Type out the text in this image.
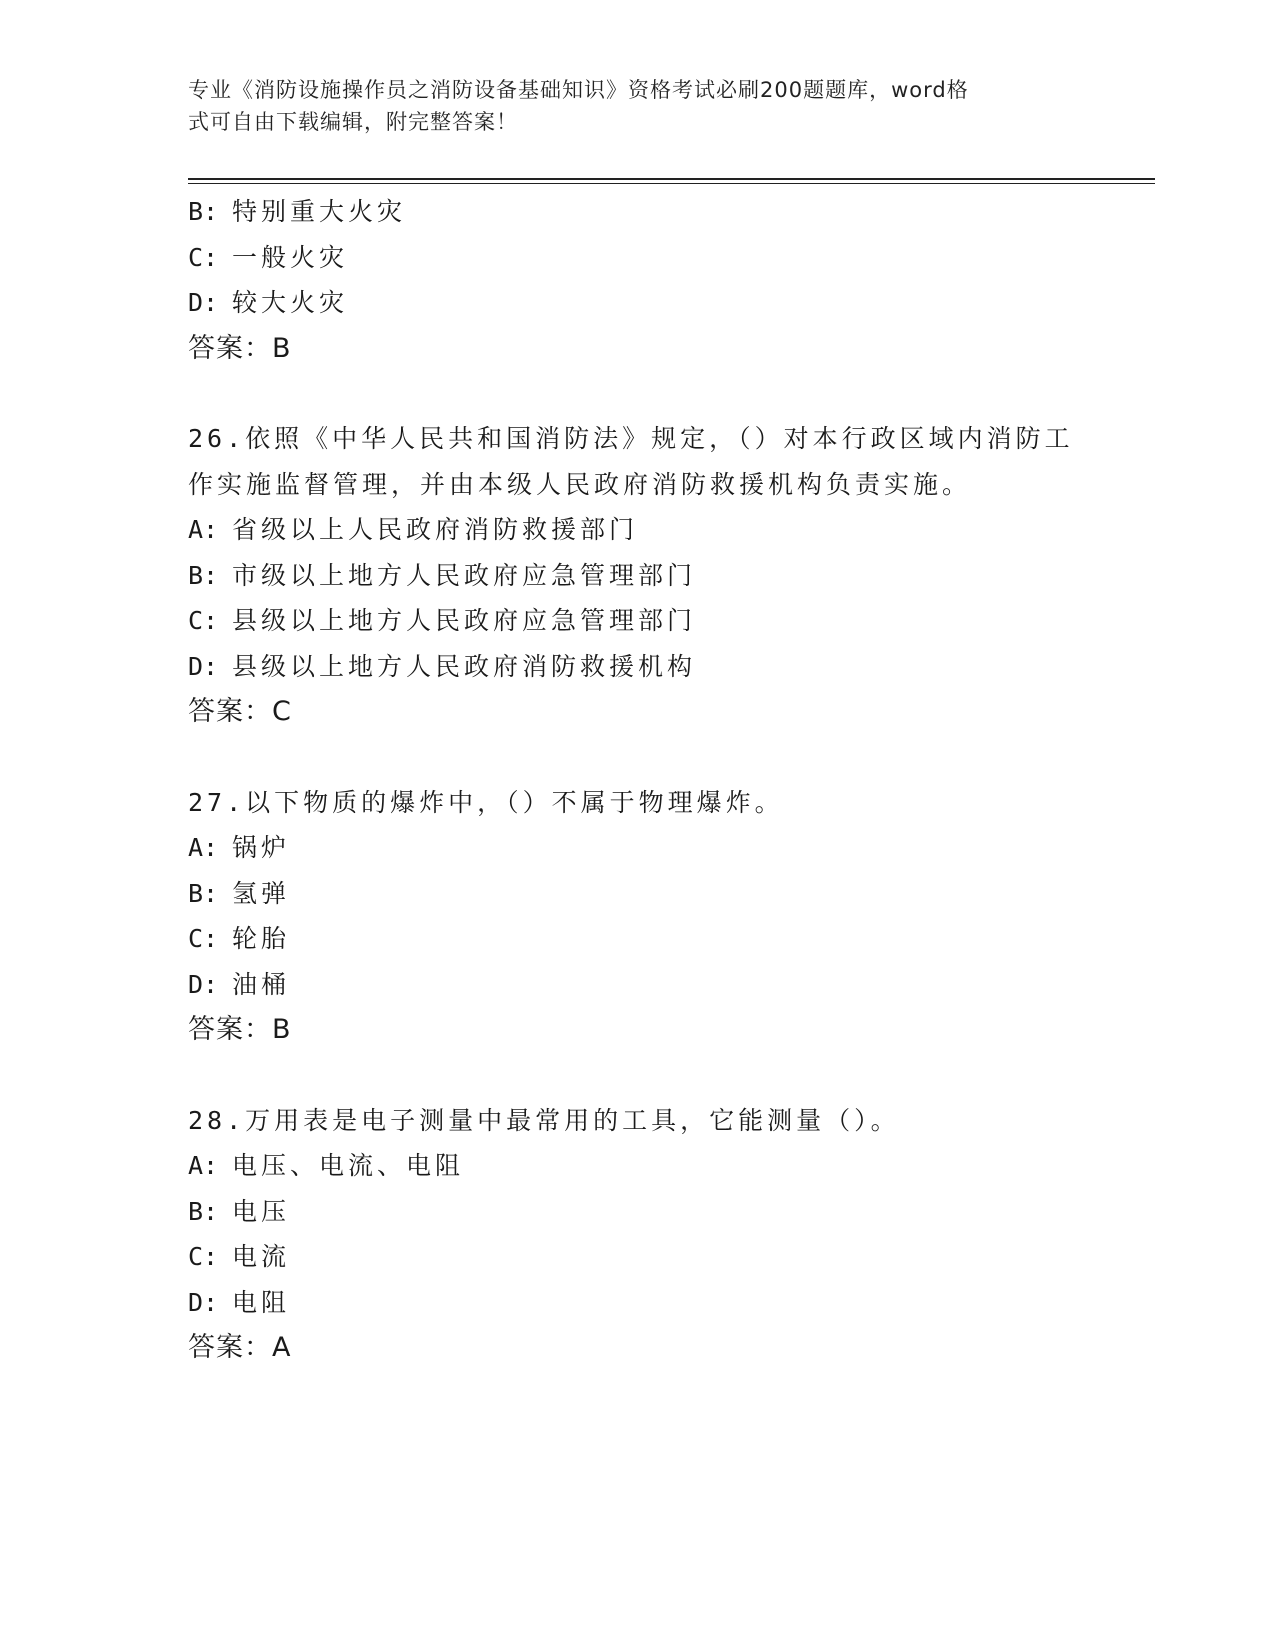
专业《消防设施操作员之消防设备基础知识》资格考试必刷200题题库，word格
式可自由下载编辑，附完整答案！
B: 特别重大火灾
C: 一般火灾
D: 较大火灾
答案：B
26.依照《中华人民共和国消防法》规定，（）对本行政区域内消防工
作实施监督管理，并由本级人民政府消防救援机构负责实施。
A: 省级以上人民政府消防救援部门
B: 市级以上地方人民政府应急管理部门
C: 县级以上地方人民政府应急管理部门
D: 县级以上地方人民政府消防救援机构
答案：C
27.以下物质的爆炸中，（）不属于物理爆炸。
A: 锅炉
B: 氢弹
C: 轮胎
D: 油桶
答案：B
28.万用表是电子测量中最常用的工具，它能测量（）。
A: 电压、电流、电阻
B: 电压
C: 电流
D: 电阻
答案：A
